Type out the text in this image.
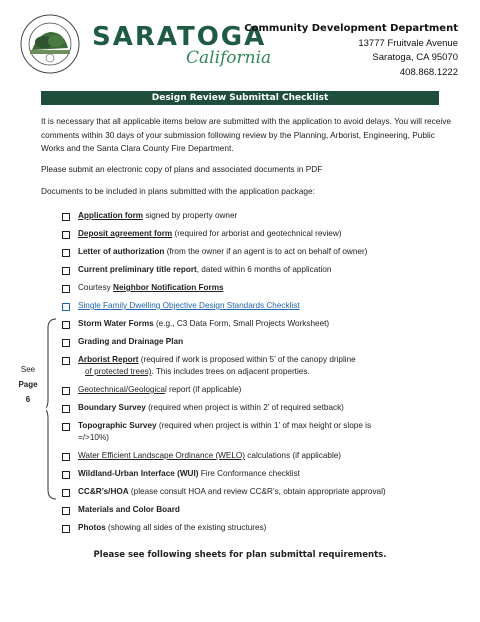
SARATOGA
California
Community Development Department
13777 Fruitvale Avenue
Saratoga, CA 95070
408.868.1222
Design Review Submittal Checklist

It is necessary that all applicable items below are submitted with the application to avoid delays. You will receive comments within 30 days of your submission following review by the Planning, Arborist, Engineering, Public Works and the Santa Clara County Fire Department.

Please submit an electronic copy of plans and associated documents in PDF

Documents to be included in plans submitted with the application package:

Application form signed by property owner
Deposit agreement form (required for arborist and geotechnical review)
Letter of authorization (from the owner if an agent is to act on behalf of owner)
Current preliminary title report, dated within 6 months of application
Courtesy Neighbor Notification Forms
Single Family Dwelling Objective Design Standards Checklist
Storm Water Forms (e.g., C3 Data Form, Small Projects Worksheet)
Grading and Drainage Plan
Arborist Report (required if work is proposed within 5’ of the canopy dripline
of protected trees). This includes trees on adjacent properties.
Geotechnical/Geological report (if applicable)
Boundary Survey (required when project is within 2’ of required setback)
Topographic Survey (required when project is within 1’ of max height or slope is
=/>10%)
Water Efficient Landscape Ordinance (WELO) calculations (if applicable)
Wildland-Urban Interface (WUI) Fire Conformance checklist
CC&R’s/HOA (please consult HOA and review CC&R’s, obtain appropriate approval)
Materials and Color Board
Photos (showing all sides of the existing structures)
See
Page
6
Please see following sheets for plan submittal requirements.
